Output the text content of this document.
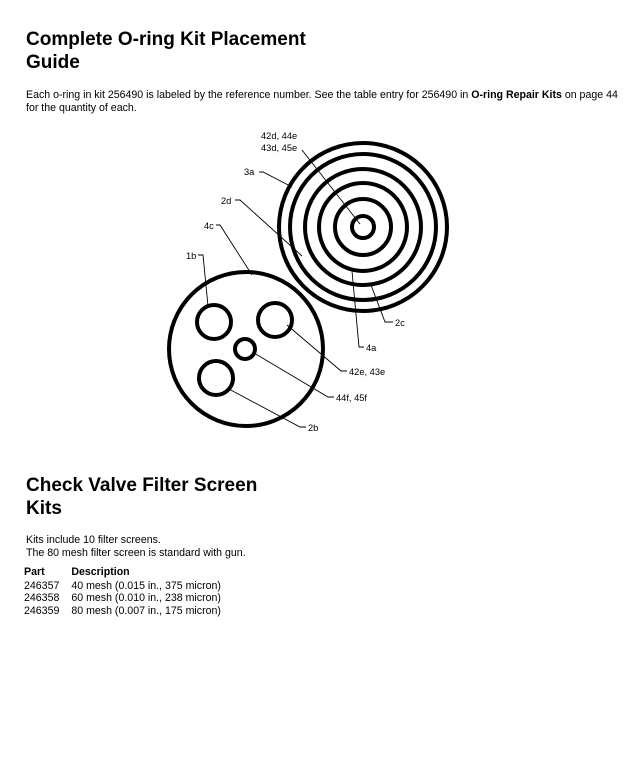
Complete O-ring Kit Placement
Guide
Each o-ring in kit 256490 is labeled by the reference number. See the table entry for 256490 in O-ring Repair Kits on page 44 for the quantity of each.
42d, 44e
43d, 45e
3a
2d
4c
1b
2c
4a
42e, 43e
44f, 45f
2b
Check Valve Filter Screen
Kits
Kits include 10 filter screens.
The 80 mesh filter screen is standard with gun.
Part	Description
246357	40 mesh (0.015 in., 375 micron)
246358	60 mesh (0.010 in., 238 micron)
246359	80 mesh (0.007 in., 175 micron)
